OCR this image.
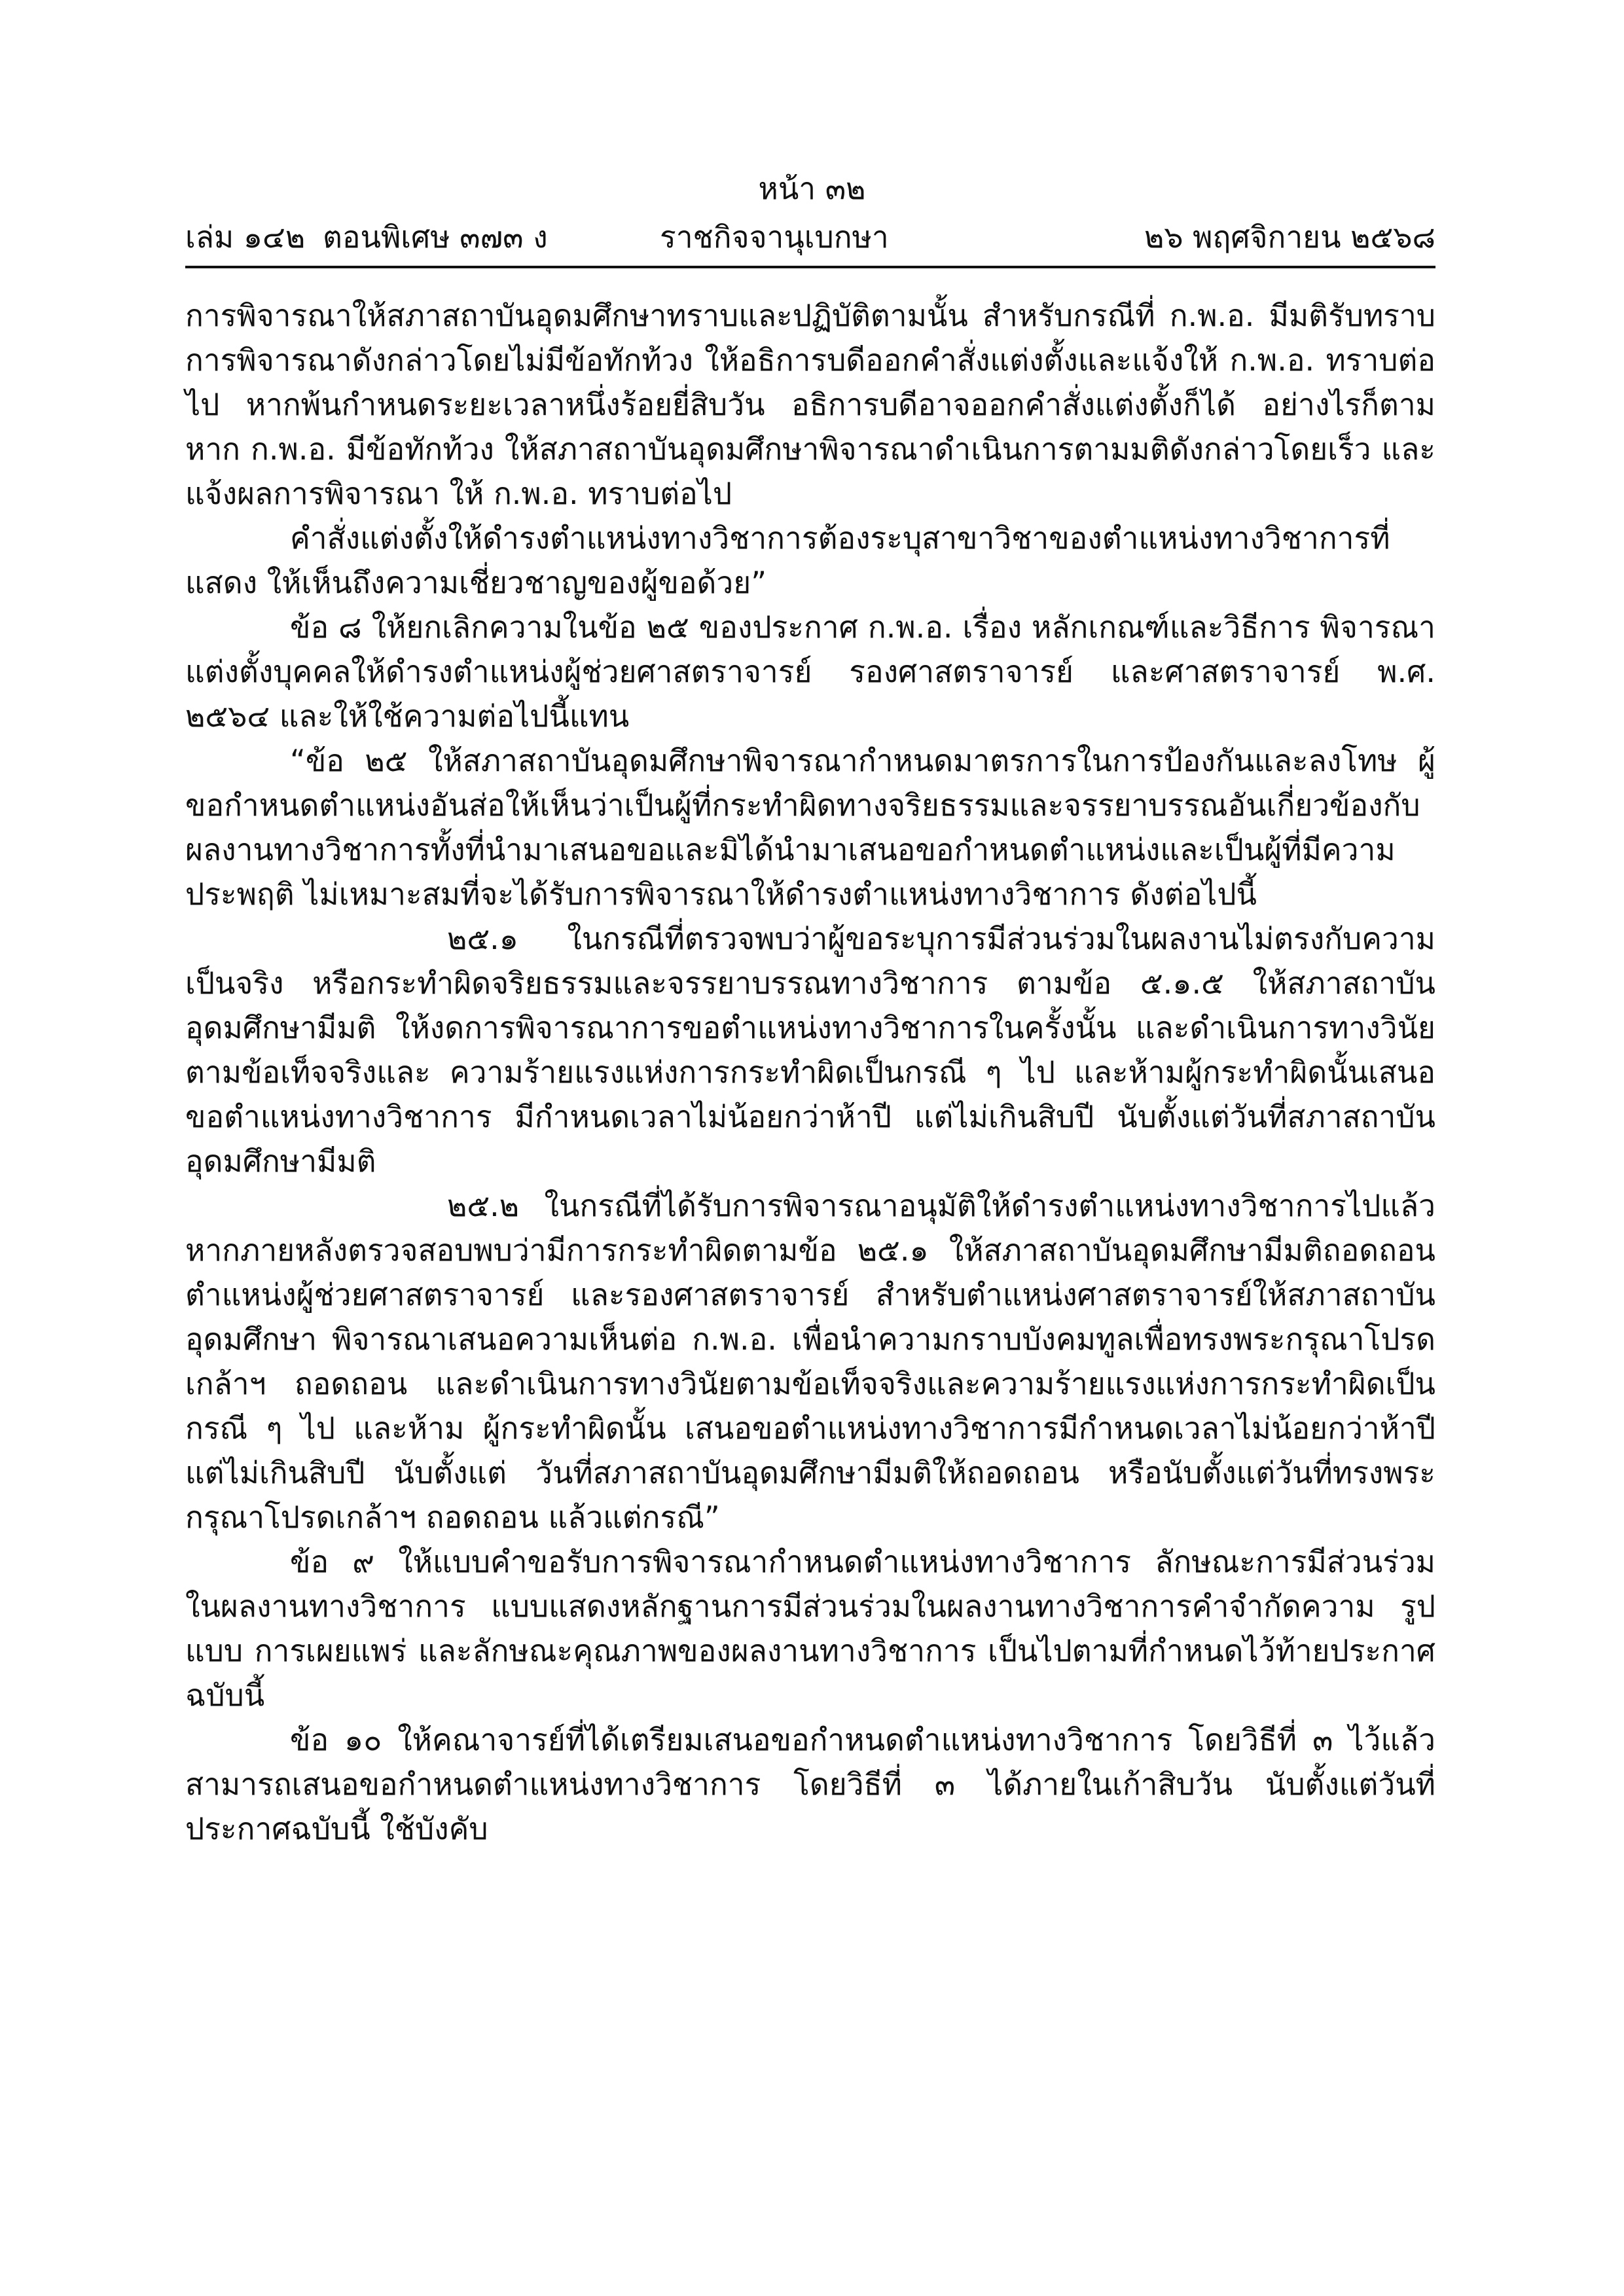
หน้า ๓๒
เล่ม ๑๔๒ ตอนพิเศษ ๓๗๓ ง	ราชกิจจานุเบกษา	๒๖ พฤศจิกายน ๒๕๖๘

การพิจารณาให้สภาสถาบันอุดมศึกษาทราบและปฏิบัติตามนั้น สำหรับกรณีที่ ก.พ.อ. มีมติรับทราบ การพิจารณาดังกล่าวโดยไม่มีข้อทักท้วง ให้อธิการบดีออกคำสั่งแต่งตั้งและแจ้งให้ ก.พ.อ. ทราบต่อไป หากพ้นกำหนดระยะเวลาหนึ่งร้อยยี่สิบวัน อธิการบดีอาจออกคำสั่งแต่งตั้งก็ได้ อย่างไรก็ตาม หาก ก.พ.อ. มีข้อทักท้วง ให้สภาสถาบันอุดมศึกษาพิจารณาดำเนินการตามมติดังกล่าวโดยเร็ว และแจ้งผลการพิจารณา ให้ ก.พ.อ. ทราบต่อไป

คำสั่งแต่งตั้งให้ดำรงตำแหน่งทางวิชาการต้องระบุสาขาวิชาของตำแหน่งทางวิชาการที่แสดง ให้เห็นถึงความเชี่ยวชาญของผู้ขอด้วย”

ข้อ ๘ ให้ยกเลิกความในข้อ ๒๕ ของประกาศ ก.พ.อ. เรื่อง หลักเกณฑ์และวิธีการ พิจารณาแต่งตั้งบุคคลให้ดำรงตำแหน่งผู้ช่วยศาสตราจารย์ รองศาสตราจารย์ และศาสตราจารย์ พ.ศ. ๒๕๖๔ และให้ใช้ความต่อไปนี้แทน

“ข้อ ๒๕ ให้สภาสถาบันอุดมศึกษาพิจารณากำหนดมาตรการในการป้องกันและลงโทษ ผู้ขอกำหนดตำแหน่งอันส่อให้เห็นว่าเป็นผู้ที่กระทำผิดทางจริยธรรมและจรรยาบรรณอันเกี่ยวข้องกับ ผลงานทางวิชาการทั้งที่นำมาเสนอขอและมิได้นำมาเสนอขอกำหนดตำแหน่งและเป็นผู้ที่มีความประพฤติ ไม่เหมาะสมที่จะได้รับการพิจารณาให้ดำรงตำแหน่งทางวิชาการ ดังต่อไปนี้

๒๕.๑ ในกรณีที่ตรวจพบว่าผู้ขอระบุการมีส่วนร่วมในผลงานไม่ตรงกับความเป็นจริง หรือกระทำผิดจริยธรรมและจรรยาบรรณทางวิชาการ ตามข้อ ๕.๑.๕ ให้สภาสถาบันอุดมศึกษามีมติ ให้งดการพิจารณาการขอตำแหน่งทางวิชาการในครั้งนั้น และดำเนินการทางวินัยตามข้อเท็จจริงและ ความร้ายแรงแห่งการกระทำผิดเป็นกรณี ๆ ไป และห้ามผู้กระทำผิดนั้นเสนอขอตำแหน่งทางวิชาการ มีกำหนดเวลาไม่น้อยกว่าห้าปี แต่ไม่เกินสิบปี นับตั้งแต่วันที่สภาสถาบันอุดมศึกษามีมติ

๒๕.๒ ในกรณีที่ได้รับการพิจารณาอนุมัติให้ดำรงตำแหน่งทางวิชาการไปแล้ว หากภายหลังตรวจสอบพบว่ามีการกระทำผิดตามข้อ ๒๕.๑ ให้สภาสถาบันอุดมศึกษามีมติถอดถอน ตำแหน่งผู้ช่วยศาสตราจารย์ และรองศาสตราจารย์ สำหรับตำแหน่งศาสตราจารย์ให้สภาสถาบันอุดมศึกษา พิจารณาเสนอความเห็นต่อ ก.พ.อ. เพื่อนำความกราบบังคมทูลเพื่อทรงพระกรุณาโปรดเกล้าฯ ถอดถอน และดำเนินการทางวินัยตามข้อเท็จจริงและความร้ายแรงแห่งการกระทำผิดเป็นกรณี ๆ ไป และห้าม ผู้กระทำผิดนั้น เสนอขอตำแหน่งทางวิชาการมีกำหนดเวลาไม่น้อยกว่าห้าปี แต่ไม่เกินสิบปี นับตั้งแต่ วันที่สภาสถาบันอุดมศึกษามีมติให้ถอดถอน หรือนับตั้งแต่วันที่ทรงพระกรุณาโปรดเกล้าฯ ถอดถอน แล้วแต่กรณี”

ข้อ ๙ ให้แบบคำขอรับการพิจารณากำหนดตำแหน่งทางวิชาการ ลักษณะการมีส่วนร่วม ในผลงานทางวิชาการ แบบแสดงหลักฐานการมีส่วนร่วมในผลงานทางวิชาการคำจำกัดความ รูปแบบ การเผยแพร่ และลักษณะคุณภาพของผลงานทางวิชาการ เป็นไปตามที่กำหนดไว้ท้ายประกาศฉบับนี้

ข้อ ๑๐ ให้คณาจารย์ที่ได้เตรียมเสนอขอกำหนดตำแหน่งทางวิชาการ โดยวิธีที่ ๓ ไว้แล้ว สามารถเสนอขอกำหนดตำแหน่งทางวิชาการ โดยวิธีที่ ๓ ได้ภายในเก้าสิบวัน นับตั้งแต่วันที่ประกาศฉบับนี้ ใช้บังคับ
